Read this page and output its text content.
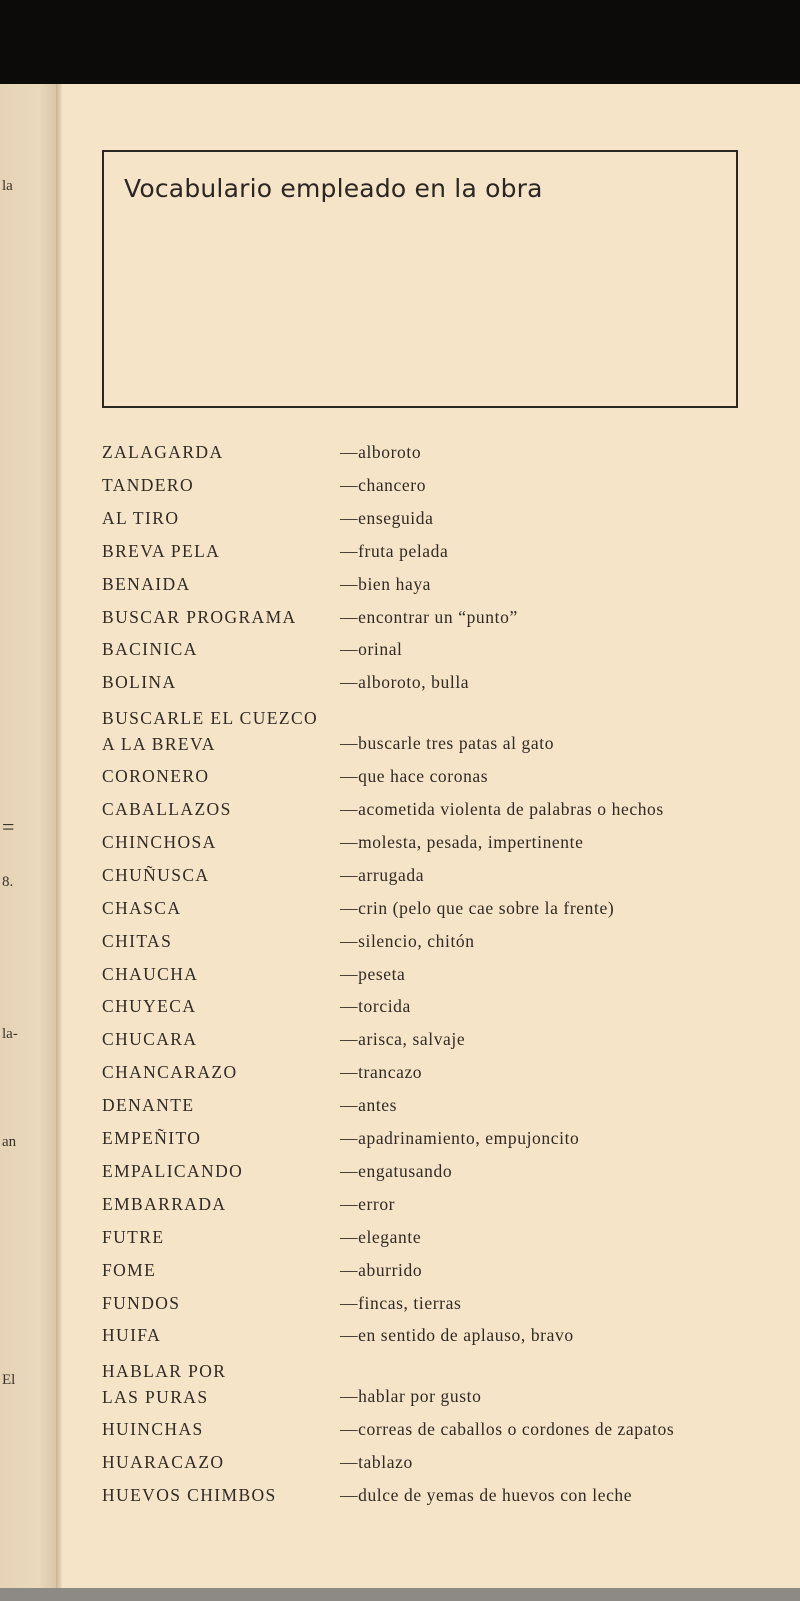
la
=
8.
la-
an
El
Vocabulario empleado en la obra
ZALAGARDA	—alboroto
TANDERO	—chancero
AL TIRO	—enseguida
BREVA PELA	—fruta pelada
BENAIDA	—bien haya
BUSCAR PROGRAMA —encontrar un “punto”
BACINICA	—orinal
BOLINA	—alboroto, bulla
BUSCARLE EL CUEZCO
A LA BREVA	—buscarle tres patas al gato
CORONERO	—que hace coronas
CABALLAZOS	—acometida violenta de palabras o hechos
CHINCHOSA	—molesta, pesada, impertinente
CHUÑUSCA	—arrugada
CHASCA	—crin (pelo que cae sobre la frente)
CHITAS	—silencio, chitón
CHAUCHA	—peseta
CHUYECA	—torcida
CHUCARA	—arisca, salvaje
CHANCARAZO	—trancazo
DENANTE	—antes
EMPEÑITO	—apadrinamiento, empujoncito
EMPALICANDO	—engatusando
EMBARRADA	—error
FUTRE	—elegante
FOME	—aburrido
FUNDOS	—fincas, tierras
HUIFA	—en sentido de aplauso, bravo
HABLAR POR
LAS PURAS	—hablar por gusto
HUINCHAS	—correas de caballos o cordones de zapatos
HUARACAZO	—tablazo
HUEVOS CHIMBOS	—dulce de yemas de huevos con leche
